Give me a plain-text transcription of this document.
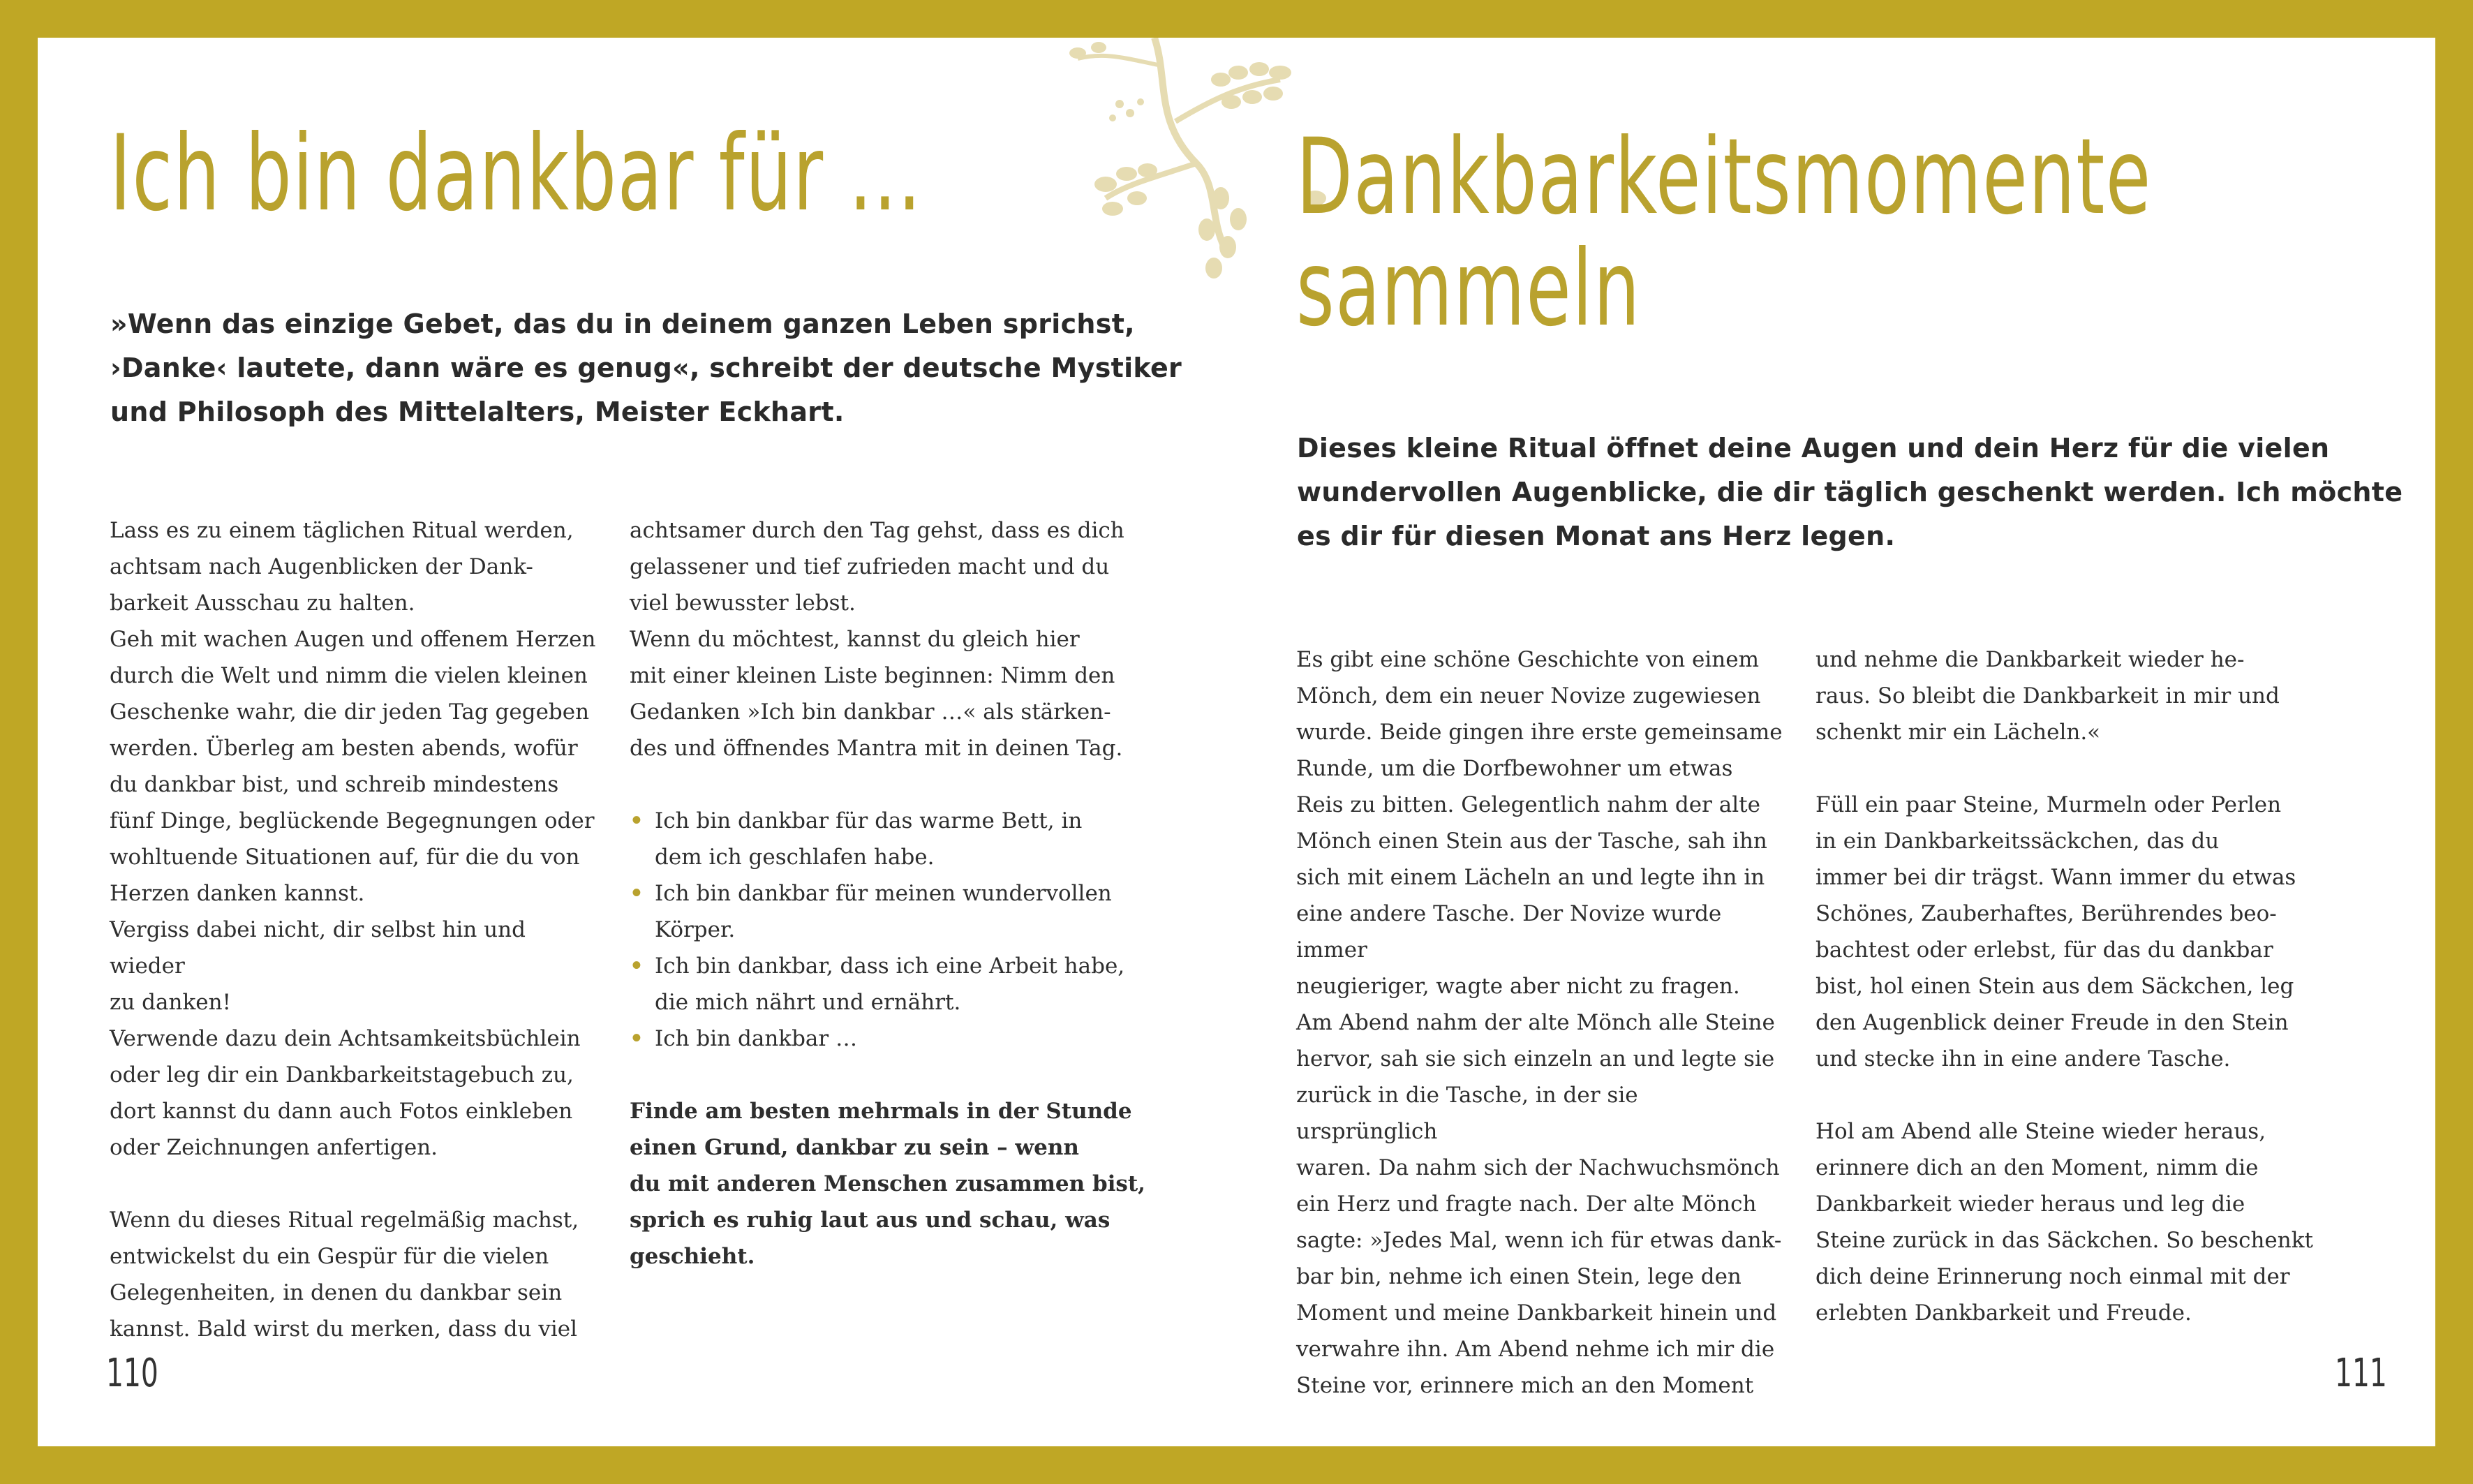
Ich bin dankbar für …

»Wenn das einzige Gebet, das du in deinem ganzen Leben sprichst, ›Danke‹ lautete, dann wäre es genug«, schreibt der deutsche Mystiker und Philosoph des Mittelalters, Meister Eckhart.

Lass es zu einem täglichen Ritual werden,

achtsam nach Augenblicken der Dank-

barkeit Ausschau zu halten.

Geh mit wachen Augen und offenem Herzen

durch die Welt und nimm die vielen kleinen

Geschenke wahr, die dir jeden Tag gegeben

werden. Überleg am besten abends, wofür

du dankbar bist, und schreib mindestens

fünf Dinge, beglückende Begegnungen oder

wohltuende Situationen auf, für die du von

Herzen danken kannst.

Vergiss dabei nicht, dir selbst hin und wieder

zu danken!

Verwende dazu dein Achtsamkeitsbüchlein

oder leg dir ein Dankbarkeitstagebuch zu,

dort kannst du dann auch Fotos einkleben

oder Zeichnungen anfertigen.

Wenn du dieses Ritual regelmäßig machst,

entwickelst du ein Gespür für die vielen

Gelegenheiten, in denen du dankbar sein

kannst. Bald wirst du merken, dass du viel

achtsamer durch den Tag gehst, dass es dich

gelassener und tief zufrieden macht und du

viel bewusster lebst.

Wenn du möchtest, kannst du gleich hier

mit einer kleinen Liste beginnen: Nimm den

Gedanken »Ich bin dankbar …« als stärken-

des und öffnendes Mantra mit in deinen Tag.

• Ich bin dankbar für das warme Bett, in

dem ich geschlafen habe.

• Ich bin dankbar für meinen wundervollen

Körper.

• Ich bin dankbar, dass ich eine Arbeit habe,

die mich nährt und ernährt.

• Ich bin dankbar …

Finde am besten mehrmals in der Stunde

einen Grund, dankbar zu sein – wenn

du mit anderen Menschen zusammen bist,

sprich es ruhig laut aus und schau, was

geschieht.

110

Dankbarkeitsmomente
sammeln

Dieses kleine Ritual öffnet deine Augen und dein Herz für die vielen wundervollen Augenblicke, die dir täglich geschenkt werden. Ich möchte es dir für diesen Monat ans Herz legen.

Es gibt eine schöne Geschichte von einem

Mönch, dem ein neuer Novize zugewiesen

wurde. Beide gingen ihre erste gemeinsame

Runde, um die Dorfbewohner um etwas

Reis zu bitten. Gelegentlich nahm der alte

Mönch einen Stein aus der Tasche, sah ihn

sich mit einem Lächeln an und legte ihn in

eine andere Tasche. Der Novize wurde immer

neugieriger, wagte aber nicht zu fragen.

Am Abend nahm der alte Mönch alle Steine

hervor, sah sie sich einzeln an und legte sie

zurück in die Tasche, in der sie ursprünglich

waren. Da nahm sich der Nachwuchsmönch

ein Herz und fragte nach. Der alte Mönch

sagte: »Jedes Mal, wenn ich für etwas dank-

bar bin, nehme ich einen Stein, lege den

Moment und meine Dankbarkeit hinein und

verwahre ihn. Am Abend nehme ich mir die

Steine vor, erinnere mich an den Moment

und nehme die Dankbarkeit wieder he-

raus. So bleibt die Dankbarkeit in mir und

schenkt mir ein Lächeln.«

Füll ein paar Steine, Murmeln oder Perlen

in ein Dankbarkeitssäckchen, das du

immer bei dir trägst. Wann immer du etwas

Schönes, Zauberhaftes, Berührendes beo-

bachtest oder erlebst, für das du dankbar

bist, hol einen Stein aus dem Säckchen, leg

den Augenblick deiner Freude in den Stein

und stecke ihn in eine andere Tasche.

Hol am Abend alle Steine wieder heraus,

erinnere dich an den Moment, nimm die

Dankbarkeit wieder heraus und leg die

Steine zurück in das Säckchen. So beschenkt

dich deine Erinnerung noch einmal mit der

erlebten Dankbarkeit und Freude.

111
